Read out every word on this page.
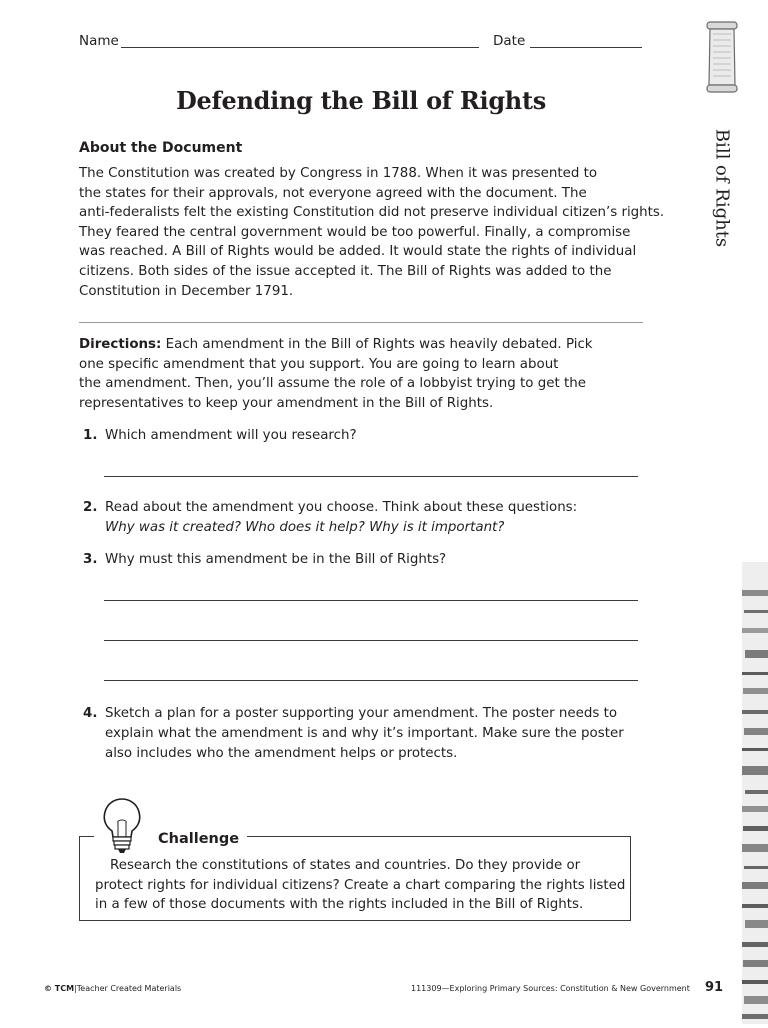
Name	Date
Defending the Bill of Rights
About the Document
The Constitution was created by Congress in 1788. When it was presented to
the states for their approvals, not everyone agreed with the document. The
anti-federalists felt the existing Constitution did not preserve individual citizen’s rights.
They feared the central government would be too powerful. Finally, a compromise
was reached. A Bill of Rights would be added. It would state the rights of individual
citizens. Both sides of the issue accepted it. The Bill of Rights was added to the
Constitution in December 1791.
Directions: Each amendment in the Bill of Rights was heavily debated. Pick
one specific amendment that you support. You are going to learn about
the amendment. Then, you’ll assume the role of a lobbyist trying to get the
representatives to keep your amendment in the Bill of Rights.
1. Which amendment will you research?
2. Read about the amendment you choose. Think about these questions:
Why was it created? Who does it help? Why is it important?
3. Why must this amendment be in the Bill of Rights?
4. Sketch a plan for a poster supporting your amendment. The poster needs to
explain what the amendment is and why it’s important. Make sure the poster
also includes who the amendment helps or protects.
Challenge
Research the constitutions of states and countries. Do they provide or
protect rights for individual citizens? Create a chart comparing the rights listed
in a few of those documents with the rights included in the Bill of Rights.
Bill of Rights
© TCM|Teacher Created Materials	111309—Exploring Primary Sources: Constitution & New Government 91
